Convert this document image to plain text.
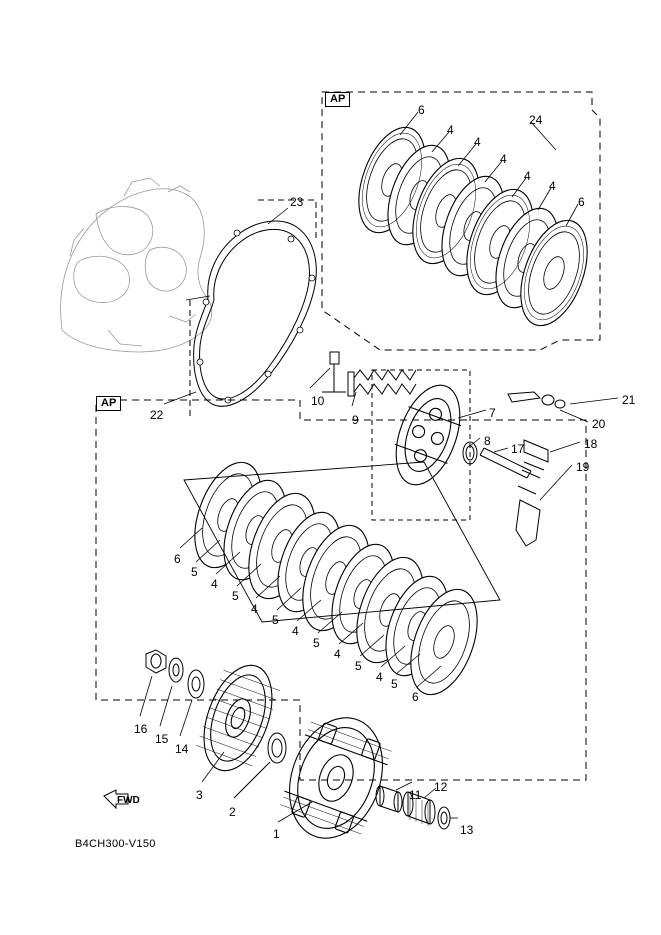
AP
AP
6
4
4
4
4
4
6
24
23
22
10
9	7
8
17
21
20
18
19
6
5
4
5
4
5
4
5
4
5
4 5
6
16
15
14
3
2
1
11
12
13
FWD
B4CH300-V150
